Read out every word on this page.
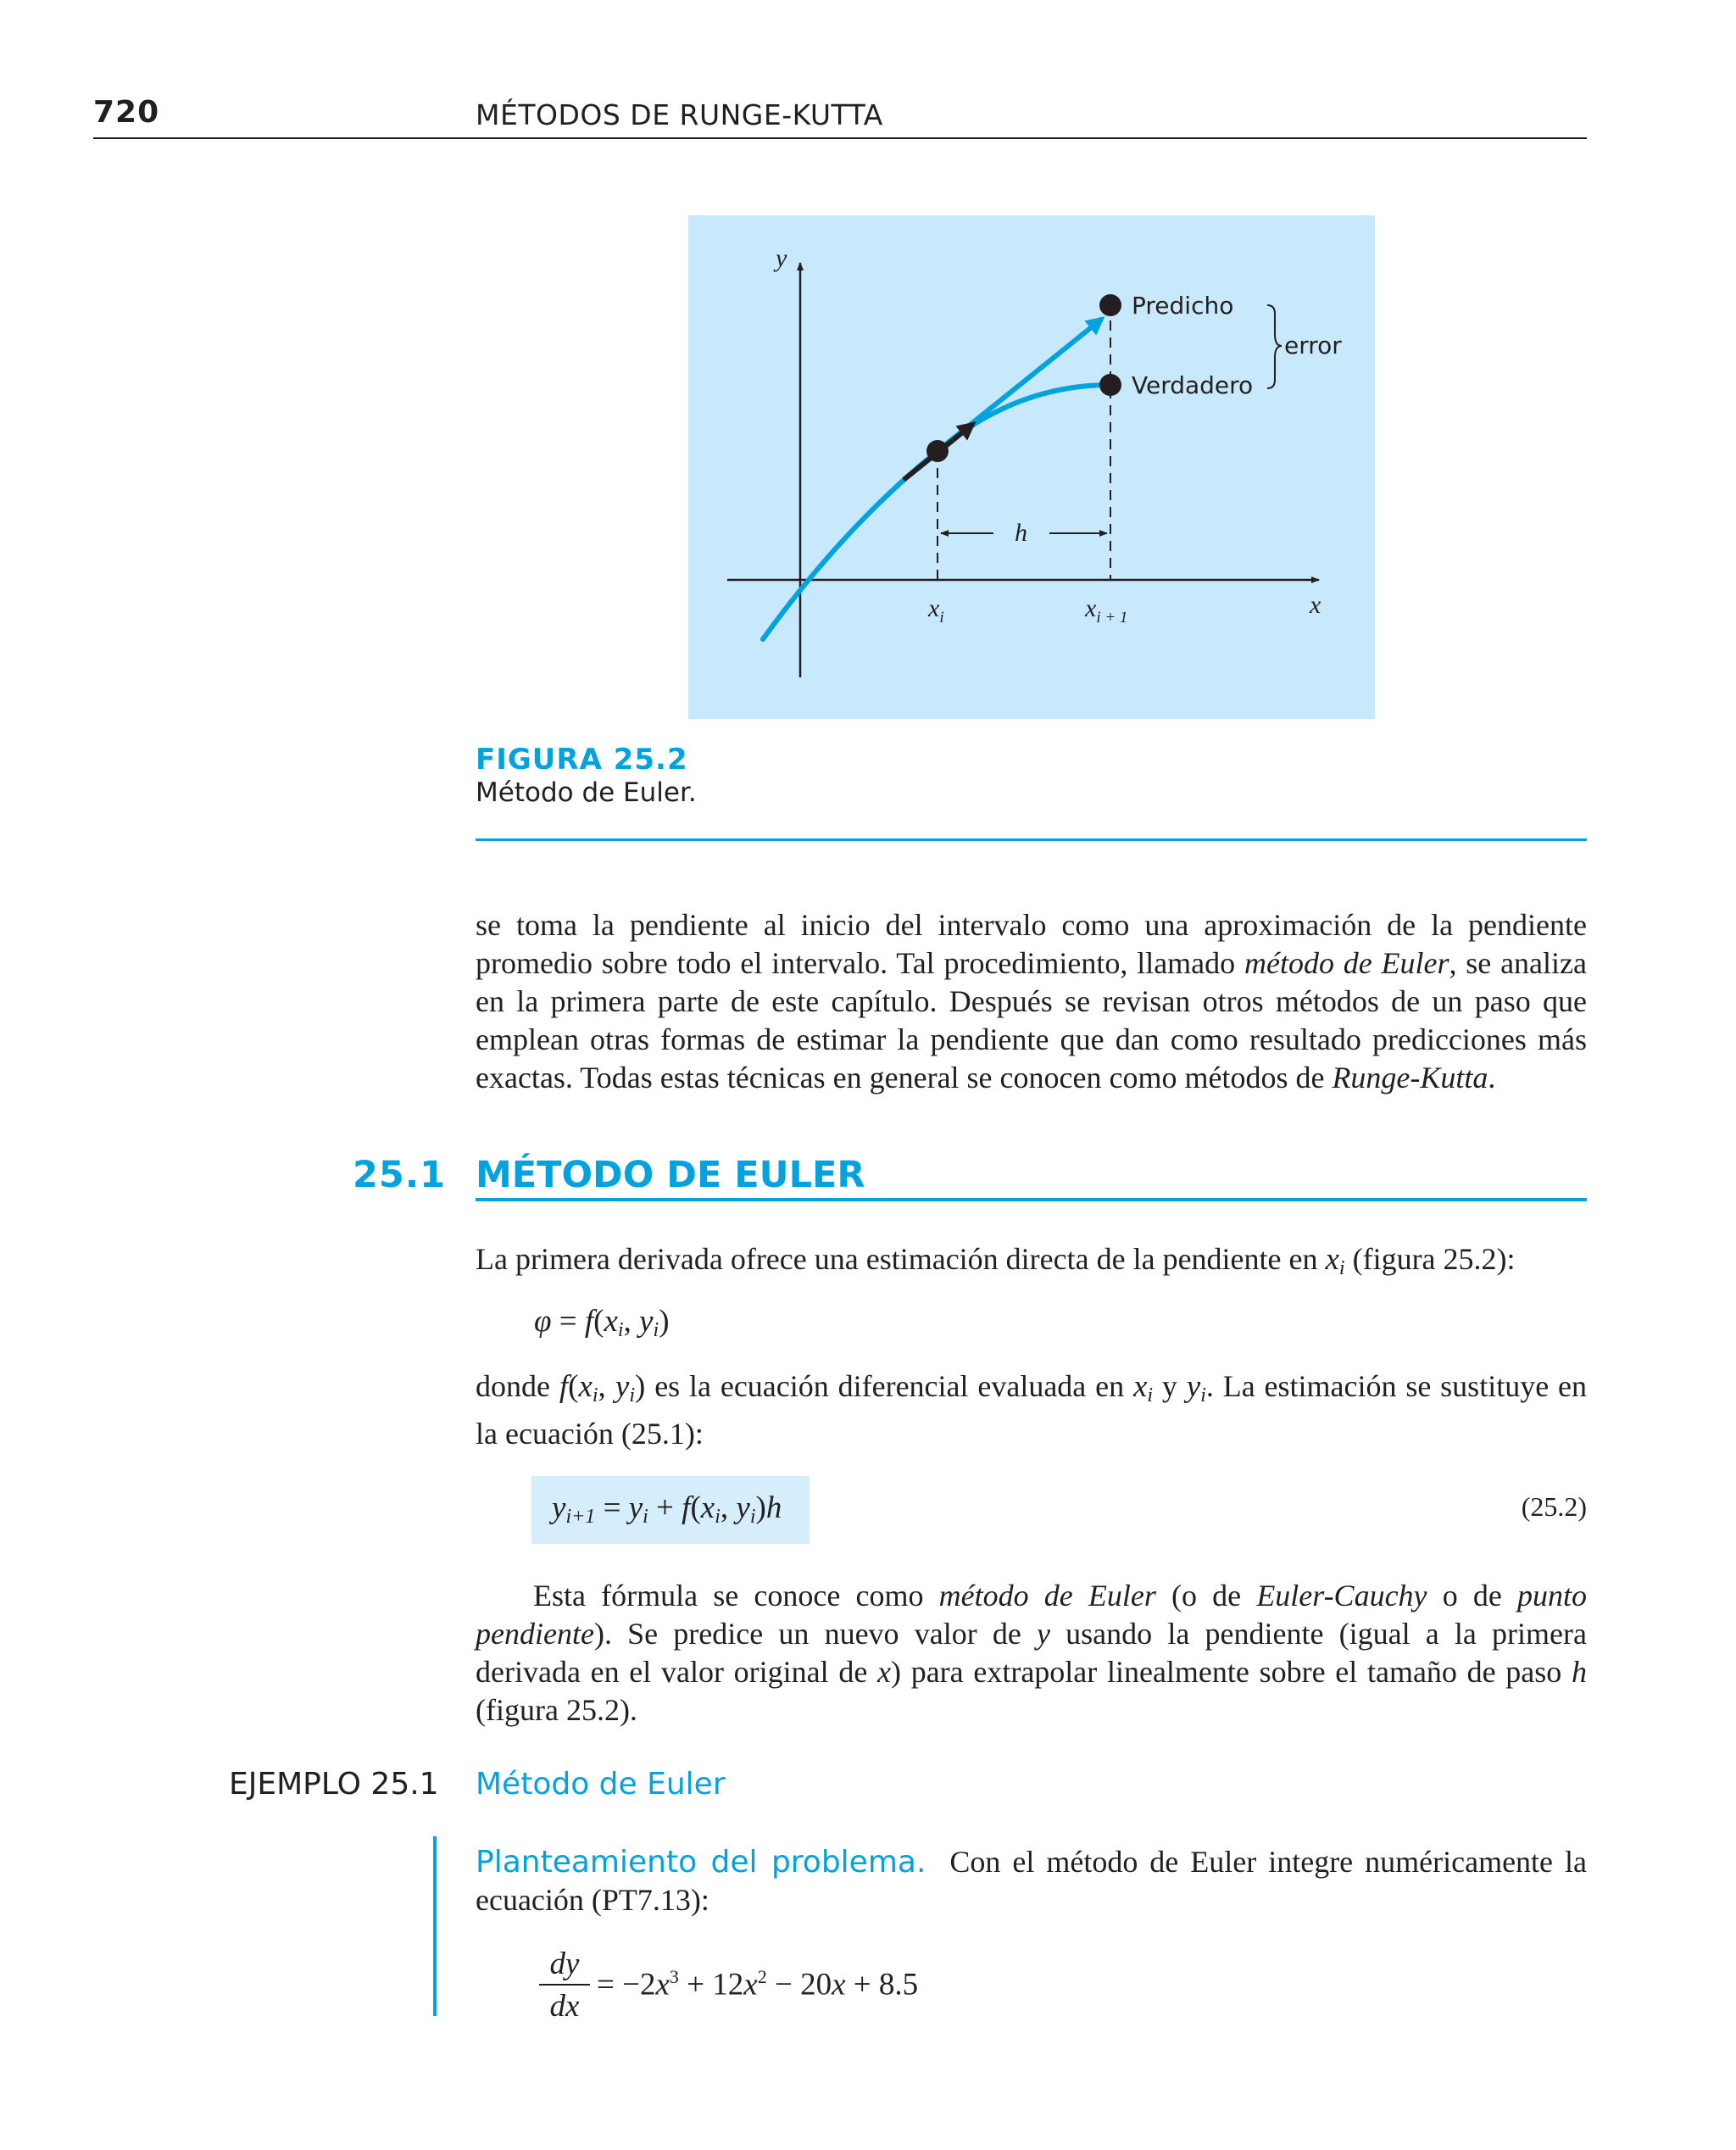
720	MÉTODOS DE RUNGE-KUTTA
y
x
h
$x_i$	$x_{i + 1}$
Predicho
Verdadero
error
FIGURA 25.2
Método de Euler.
se toma la pendiente al inicio del intervalo como una aproximación de la pendiente promedio sobre todo el intervalo. Tal procedimiento, llamado método de Euler, se analiza en la primera parte de este capítulo. Después se revisan otros métodos de un paso que emplean otras formas de estimar la pendiente que dan como resultado predicciones más exactas. Todas estas técnicas en general se conocen como métodos de Runge-Kutta.
25.1 MÉTODO DE EULER
La primera derivada ofrece una estimación directa de la pendiente en $x_i$ (figura 25.2):
$\varphi = f(x_i$, $y_i$)
donde $f(x_i$, $y_i$) es la ecuación diferencial evaluada en $x_i$ y $y_i$. La estimación se sustituye en la ecuación (25.1):
$y_{i+1} = y_i + f(x_i$, $y_i)h$	(25.2)
Esta fórmula se conoce como método de Euler (o de Euler-Cauchy o de punto pendiente). Se predice un nuevo valor de y usando la pendiente (igual a la primera derivada en el valor original de x) para extrapolar linealmente sobre el tamaño de paso h (figura 25.2).
EJEMPLO 25.1 Método de Euler
Planteamiento del problema. Con el método de Euler integre numéricamente la ecuación (PT7.13):
dy
dx
= $-2x^3 + 12x^2 - 20x + 8.5$
